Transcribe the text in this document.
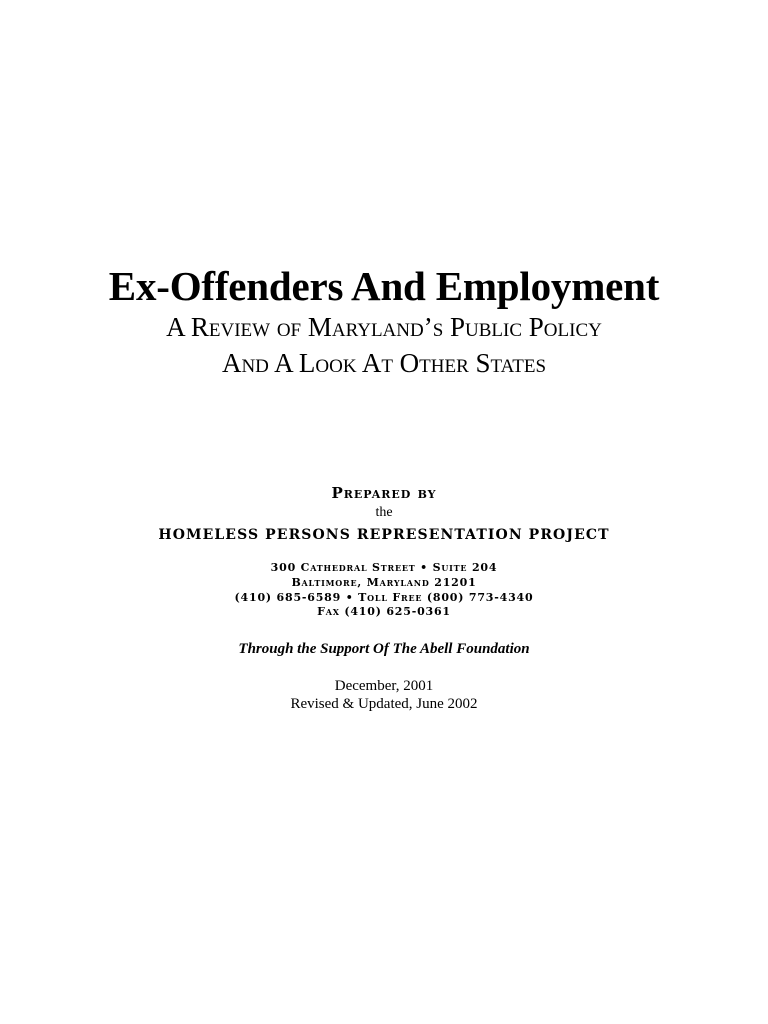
Ex-Offenders And Employment
A Review of Maryland’s Public Policy
And A Look At Other States
Prepared by
the
HOMELESS PERSONS REPRESENTATION PROJECT
300 Cathedral Street • Suite 204
Baltimore, Maryland 21201
(410) 685-6589 • Toll Free (800) 773-4340
Fax (410) 625-0361
Through the Support Of The Abell Foundation
December, 2001
Revised & Updated, June 2002
